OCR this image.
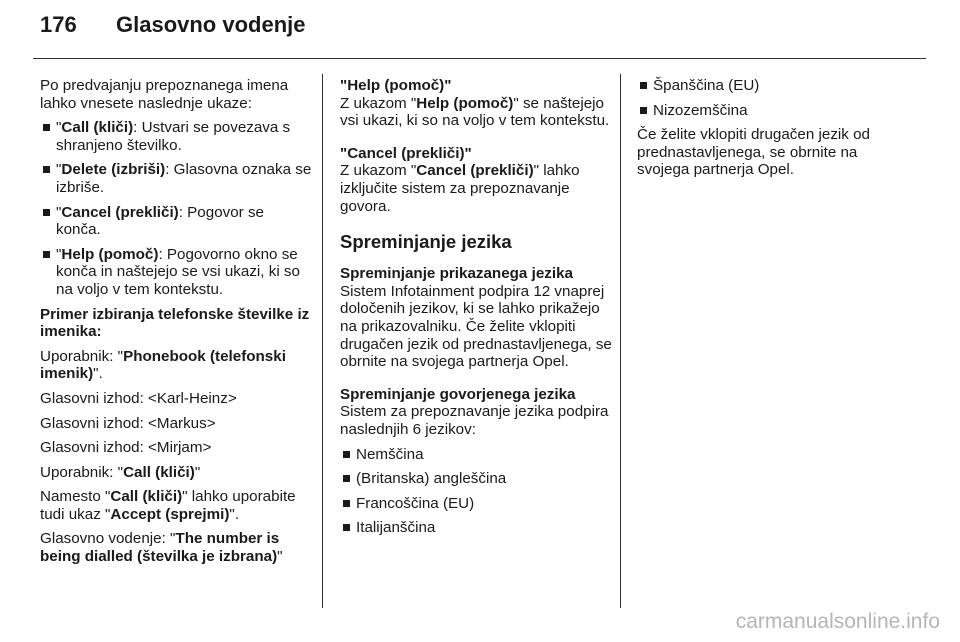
176 Glasovno vodenje

Po predvajanju prepoznanega imena lahko vnesete naslednje ukaze:

"Call (kliči): Ustvari se povezava s shranjeno številko.
"Delete (izbriši): Glasovna oznaka se izbriše.
"Cancel (prekliči): Pogovor se konča.
"Help (pomoč): Pogovorno okno se konča in naštejejo se vsi ukazi, ki so na voljo v tem kontekstu.

Primer izbiranja telefonske številke iz imenika:

Uporabnik: "Phonebook (telefonski imenik)".

Glasovni izhod: <Karl-Heinz>

Glasovni izhod: <Markus>

Glasovni izhod: <Mirjam>

Uporabnik: "Call (kliči)"

Namesto "Call (kliči)" lahko uporabite tudi ukaz "Accept (sprejmi)".

Glasovno vodenje: "The number is being dialled (številka je izbrana)"

"Help (pomoč)"

Z ukazom "Help (pomoč)" se naštejejo vsi ukazi, ki so na voljo v tem kontekstu.

"Cancel (prekliči)"

Z ukazom "Cancel (prekliči)" lahko izključite sistem za prepoznavanje govora.

Spreminjanje jezika

Spreminjanje prikazanega jezika

Sistem Infotainment podpira 12 vnaprej določenih jezikov, ki se lahko prikažejo na prikazovalniku. Če želite vklopiti drugačen jezik od prednastavljenega, se obrnite na svojega partnerja Opel.

Spreminjanje govorjenega jezika

Sistem za prepoznavanje jezika podpira naslednjih 6 jezikov:

Nemščina
(Britanska) angleščina
Francoščina (EU)
Italijanščina
Španščina (EU)
Nizozemščina

Če želite vklopiti drugačen jezik od prednastavljenega, se obrnite na svojega partnerja Opel.

carmanualsonline.info
